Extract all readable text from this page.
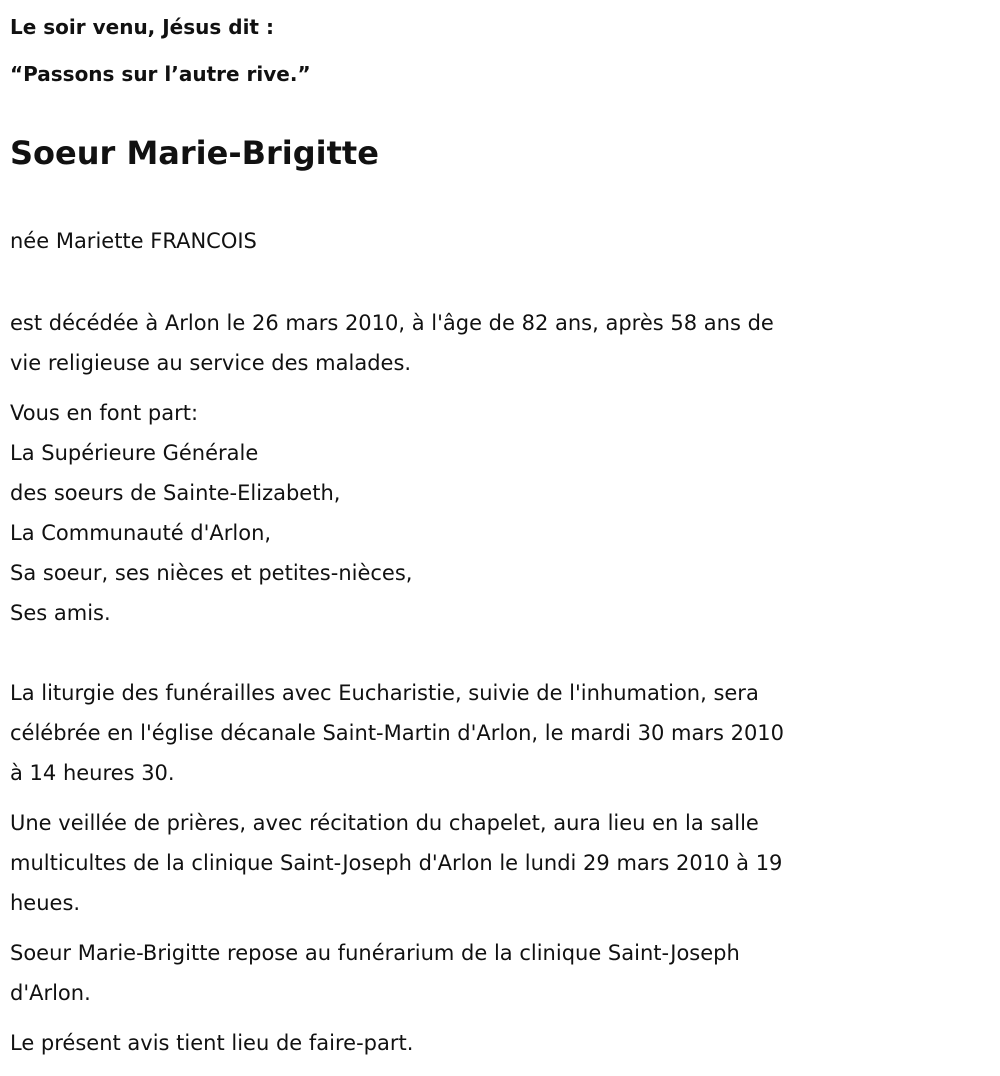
Le soir venu, Jésus dit :
“Passons sur l’autre rive.”
Soeur Marie-Brigitte
née Mariette FRANCOIS

est décédée à Arlon le 26 mars 2010, à l'âge de 82 ans, après 58 ans de
vie religieuse au service des malades.

Vous en font part:
La Supérieure Générale
des soeurs de Sainte-Elizabeth,
La Communauté d'Arlon,
Sa soeur, ses nièces et petites-nièces,
Ses amis.

La liturgie des funérailles avec Eucharistie, suivie de l'inhumation, sera
célébrée en l'église décanale Saint-Martin d'Arlon, le mardi 30 mars 2010
à 14 heures 30.

Une veillée de prières, avec récitation du chapelet, aura lieu en la salle
multicultes de la clinique Saint-Joseph d'Arlon le lundi 29 mars 2010 à 19
heues.

Soeur Marie-Brigitte repose au funérarium de la clinique Saint-Joseph
d'Arlon.

Le présent avis tient lieu de faire-part.
